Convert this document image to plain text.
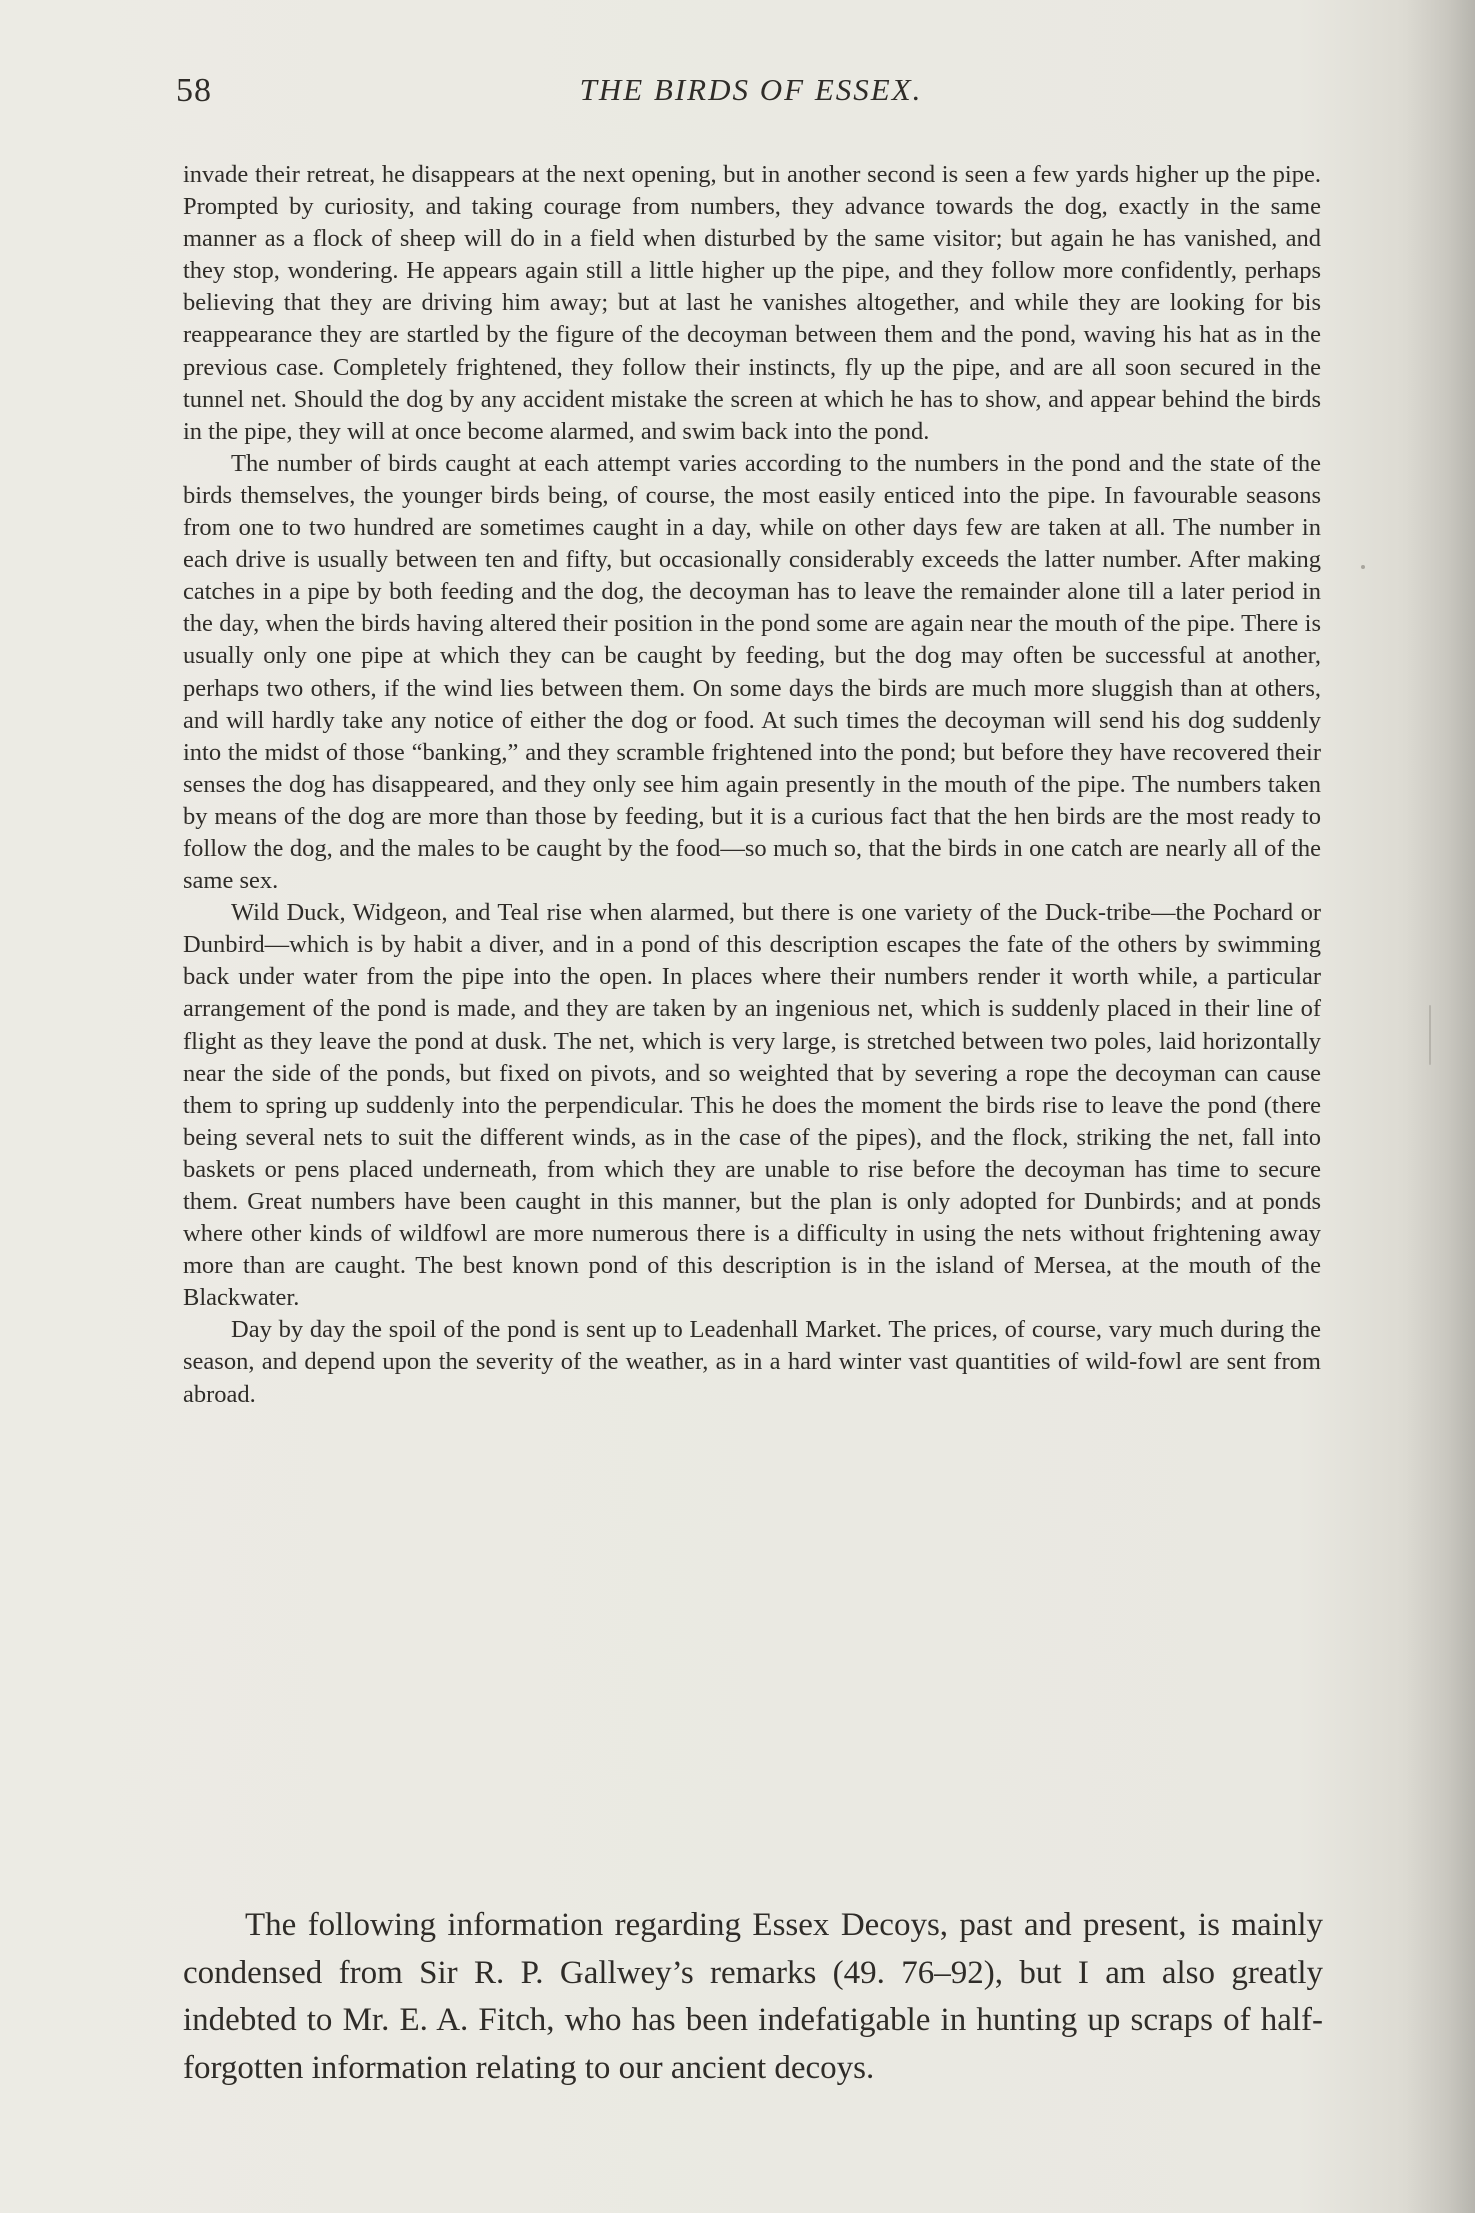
58	THE BIRDS OF ESSEX.

invade their retreat, he disappears at the next opening, but in another second is seen a few yards higher up the pipe. Prompted by curiosity, and taking courage from numbers, they advance towards the dog, exactly in the same manner as a flock of sheep will do in a field when disturbed by the same visitor; but again he has vanished, and they stop, wondering. He appears again still a little higher up the pipe, and they follow more confidently, perhaps believing that they are driving him away; but at last he vanishes altogether, and while they are looking for bis reappearance they are startled by the figure of the decoyman between them and the pond, waving his hat as in the previous case. Completely frightened, they follow their instincts, fly up the pipe, and are all soon secured in the tunnel net. Should the dog by any accident mistake the screen at which he has to show, and appear behind the birds in the pipe, they will at once become alarmed, and swim back into the pond.

The number of birds caught at each attempt varies according to the numbers in the pond and the state of the birds themselves, the younger birds being, of course, the most easily enticed into the pipe. In favourable seasons from one to two hundred are sometimes caught in a day, while on other days few are taken at all. The number in each drive is usually between ten and fifty, but occasionally considerably exceeds the latter number. After making catches in a pipe by both feeding and the dog, the decoyman has to leave the remainder alone till a later period in the day, when the birds having altered their position in the pond some are again near the mouth of the pipe. There is usually only one pipe at which they can be caught by feeding, but the dog may often be successful at another, perhaps two others, if the wind lies between them. On some days the birds are much more sluggish than at others, and will hardly take any notice of either the dog or food. At such times the decoyman will send his dog suddenly into the midst of those “banking,” and they scramble frightened into the pond; but before they have recovered their senses the dog has disappeared, and they only see him again presently in the mouth of the pipe. The numbers taken by means of the dog are more than those by feeding, but it is a curious fact that the hen birds are the most ready to follow the dog, and the males to be caught by the food—so much so, that the birds in one catch are nearly all of the same sex.

Wild Duck, Widgeon, and Teal rise when alarmed, but there is one variety of the Duck-tribe—the Pochard or Dunbird—which is by habit a diver, and in a pond of this description escapes the fate of the others by swimming back under water from the pipe into the open. In places where their numbers render it worth while, a particular arrangement of the pond is made, and they are taken by an ingenious net, which is suddenly placed in their line of flight as they leave the pond at dusk. The net, which is very large, is stretched between two poles, laid horizontally near the side of the ponds, but fixed on pivots, and so weighted that by severing a rope the decoyman can cause them to spring up suddenly into the perpendicular. This he does the moment the birds rise to leave the pond (there being several nets to suit the different winds, as in the case of the pipes), and the flock, striking the net, fall into baskets or pens placed underneath, from which they are unable to rise before the decoyman has time to secure them. Great numbers have been caught in this manner, but the plan is only adopted for Dunbirds; and at ponds where other kinds of wildfowl are more numerous there is a difficulty in using the nets without frightening away more than are caught. The best known pond of this description is in the island of Mersea, at the mouth of the Blackwater.

Day by day the spoil of the pond is sent up to Leadenhall Market. The prices, of course, vary much during the season, and depend upon the severity of the weather, as in a hard winter vast quantities of wild-fowl are sent from abroad.

The following information regarding Essex Decoys, past and present, is mainly condensed from Sir R. P. Gallwey’s remarks (49. 76–92), but I am also greatly indebted to Mr. E. A. Fitch, who has been indefatigable in hunting up scraps of half-forgotten information relating to our ancient decoys.
